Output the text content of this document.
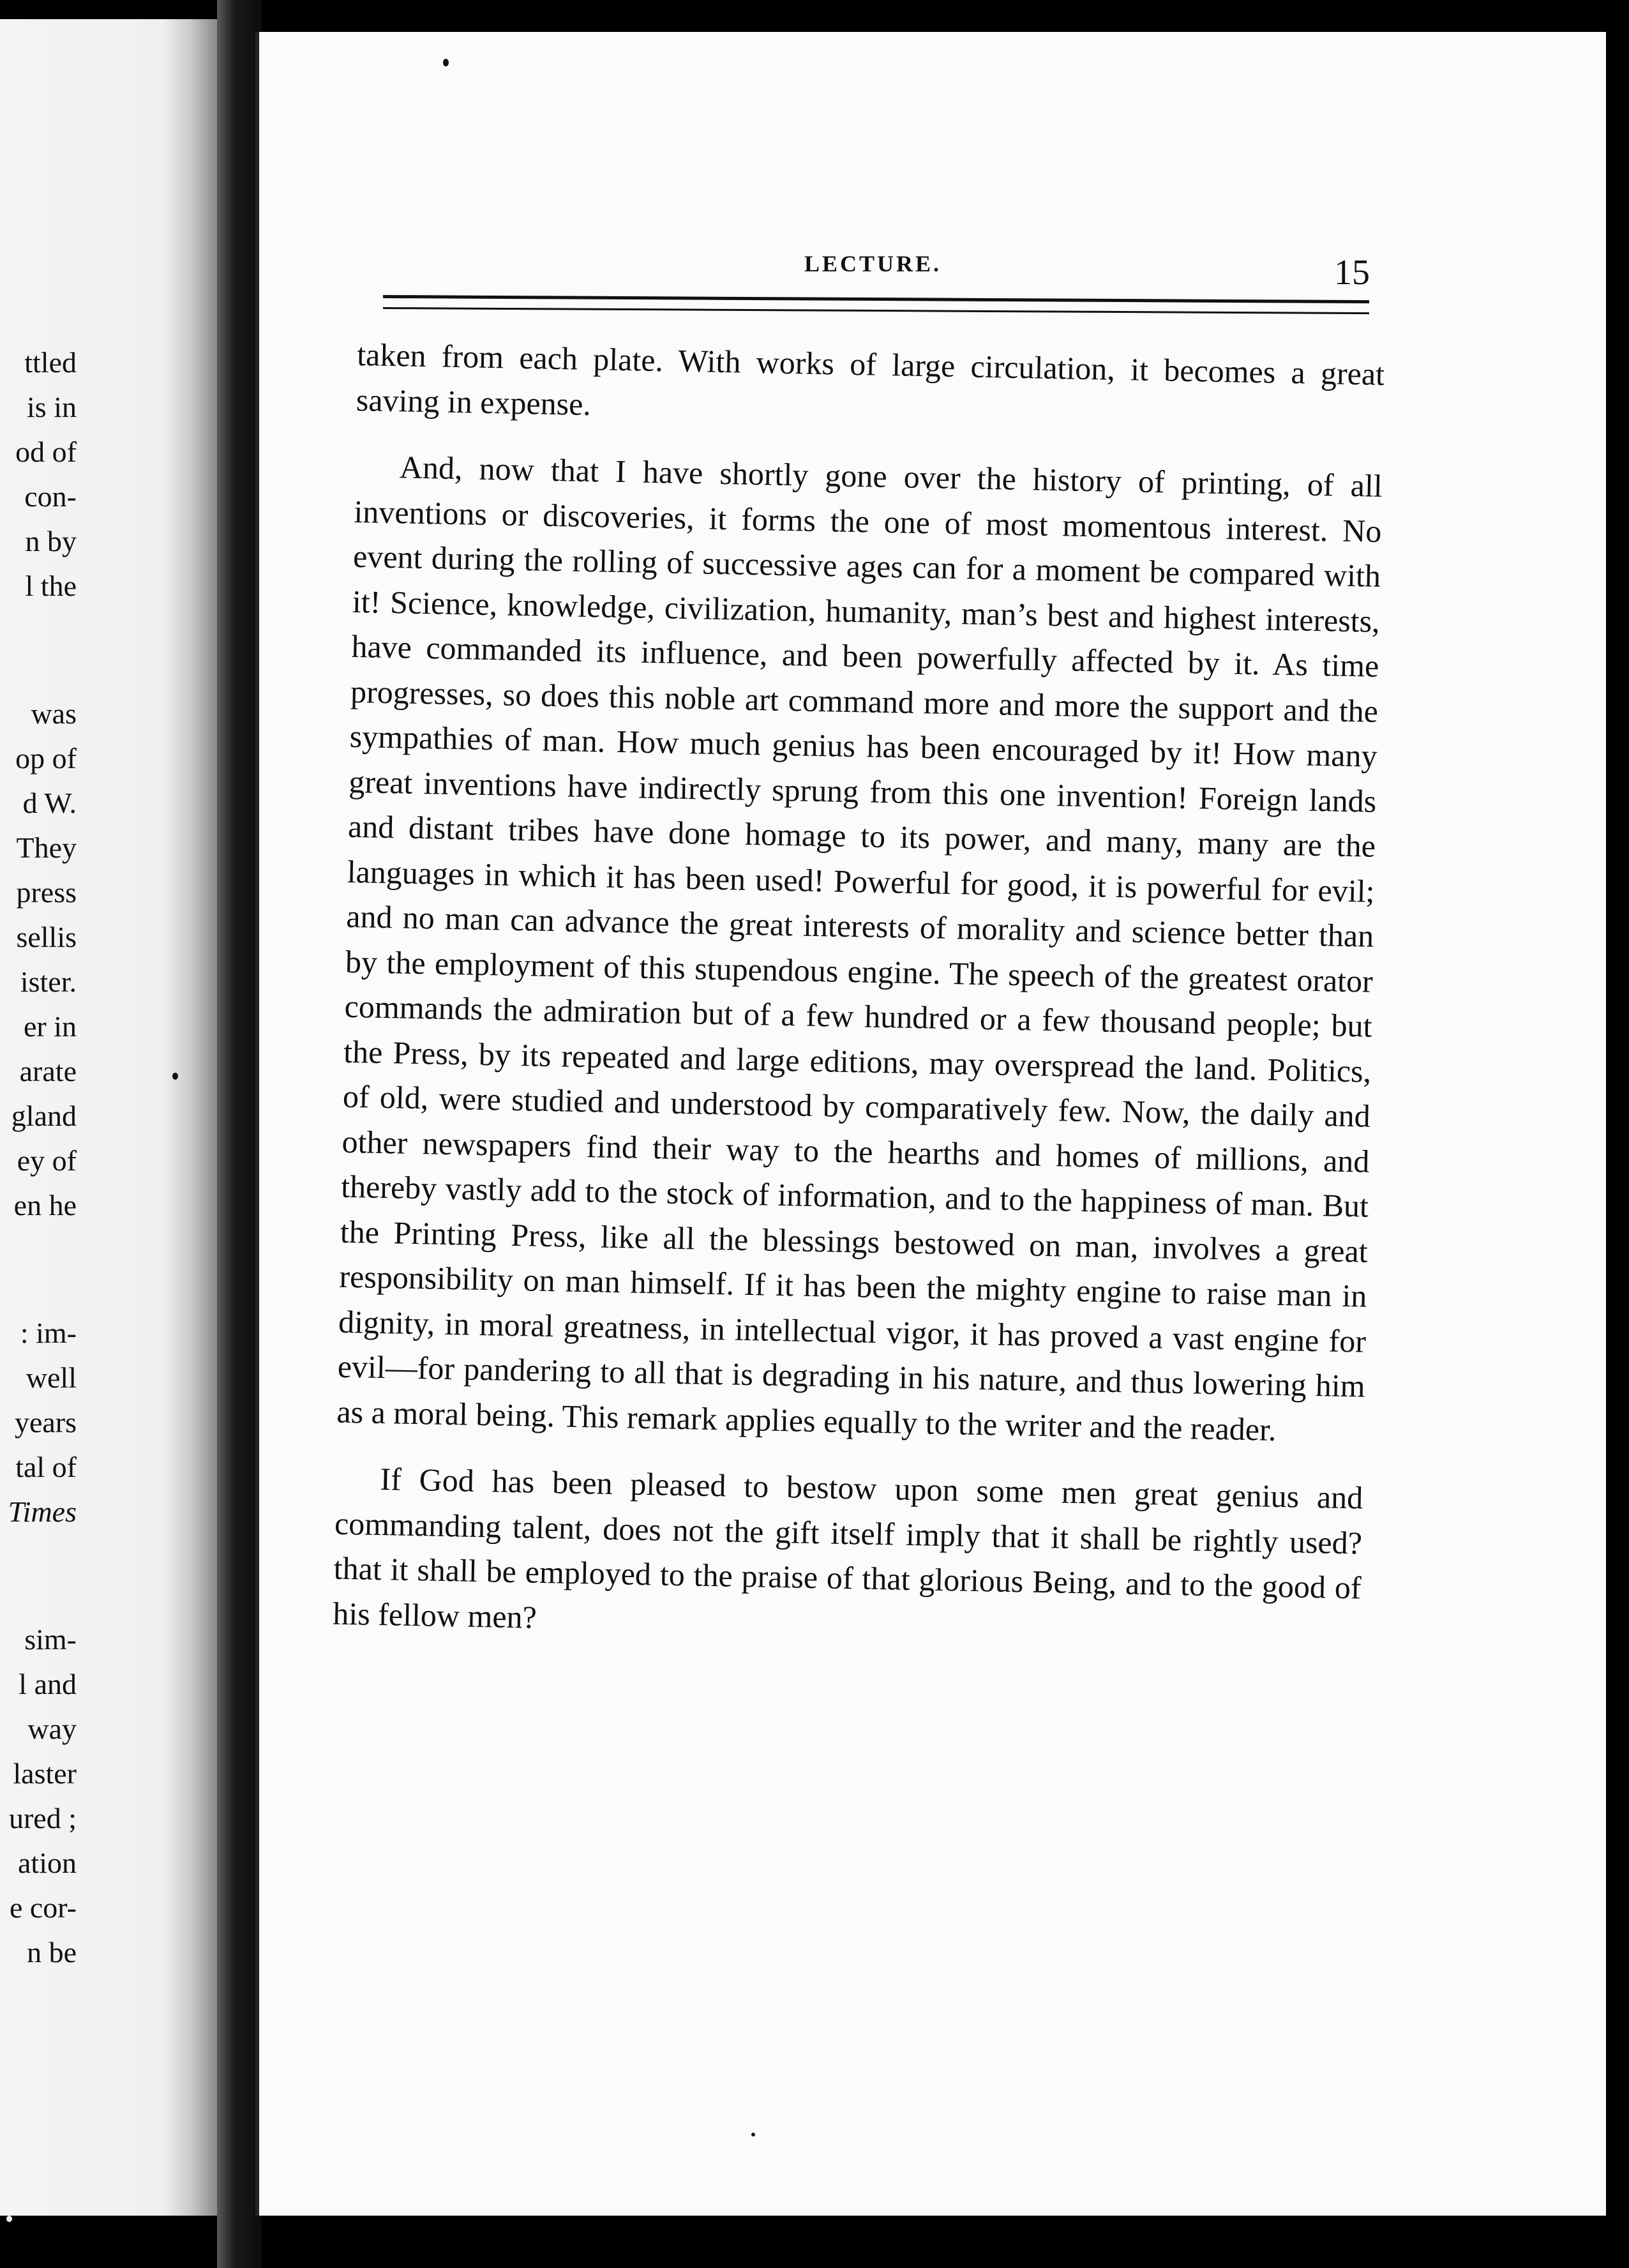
ttled
is in
od of
con-
n by
l the
was
op of
d W.
They
press
sellis
ister.
er in
arate
gland
ey of
en he
: im-
well
years
tal of
Times
sim-
l and
way
laster
ured ;
ation
e cor-
n be
LECTURE.	15

taken from each plate. With works of large circulation, it becomes a great saving in expense.

And, now that I have shortly gone over the history of printing, of all inventions or discoveries, it forms the one of most momentous interest. No event during the rolling of successive ages can for a moment be compared with it! Science, knowledge, civilization, humanity, man’s best and highest interests, have commanded its influence, and been powerfully affected by it. As time progresses, so does this noble art command more and more the support and the sympathies of man. How much genius has been encouraged by it! How many great inventions have indirectly sprung from this one invention! Foreign lands and distant tribes have done homage to its power, and many, many are the languages in which it has been used! Powerful for good, it is powerful for evil; and no man can advance the great interests of morality and science better than by the employment of this stupendous engine. The speech of the greatest orator commands the admiration but of a few hundred or a few thousand people; but the Press, by its repeated and large editions, may overspread the land. Politics, of old, were studied and understood by comparatively few. Now, the daily and other newspapers find their way to the hearths and homes of millions, and thereby vastly add to the stock of information, and to the happiness of man. But the Printing Press, like all the blessings bestowed on man, involves a great responsibility on man himself. If it has been the mighty engine to raise man in dignity, in moral greatness, in intellectual vigor, it has proved a vast engine for evil—for pandering to all that is degrading in his nature, and thus lowering him as a moral being. This remark applies equally to the writer and the reader.

If God has been pleased to bestow upon some men great genius and commanding talent, does not the gift itself imply that it shall be rightly used? that it shall be employed to the praise of that glorious Being, and to the good of his fellow men?
